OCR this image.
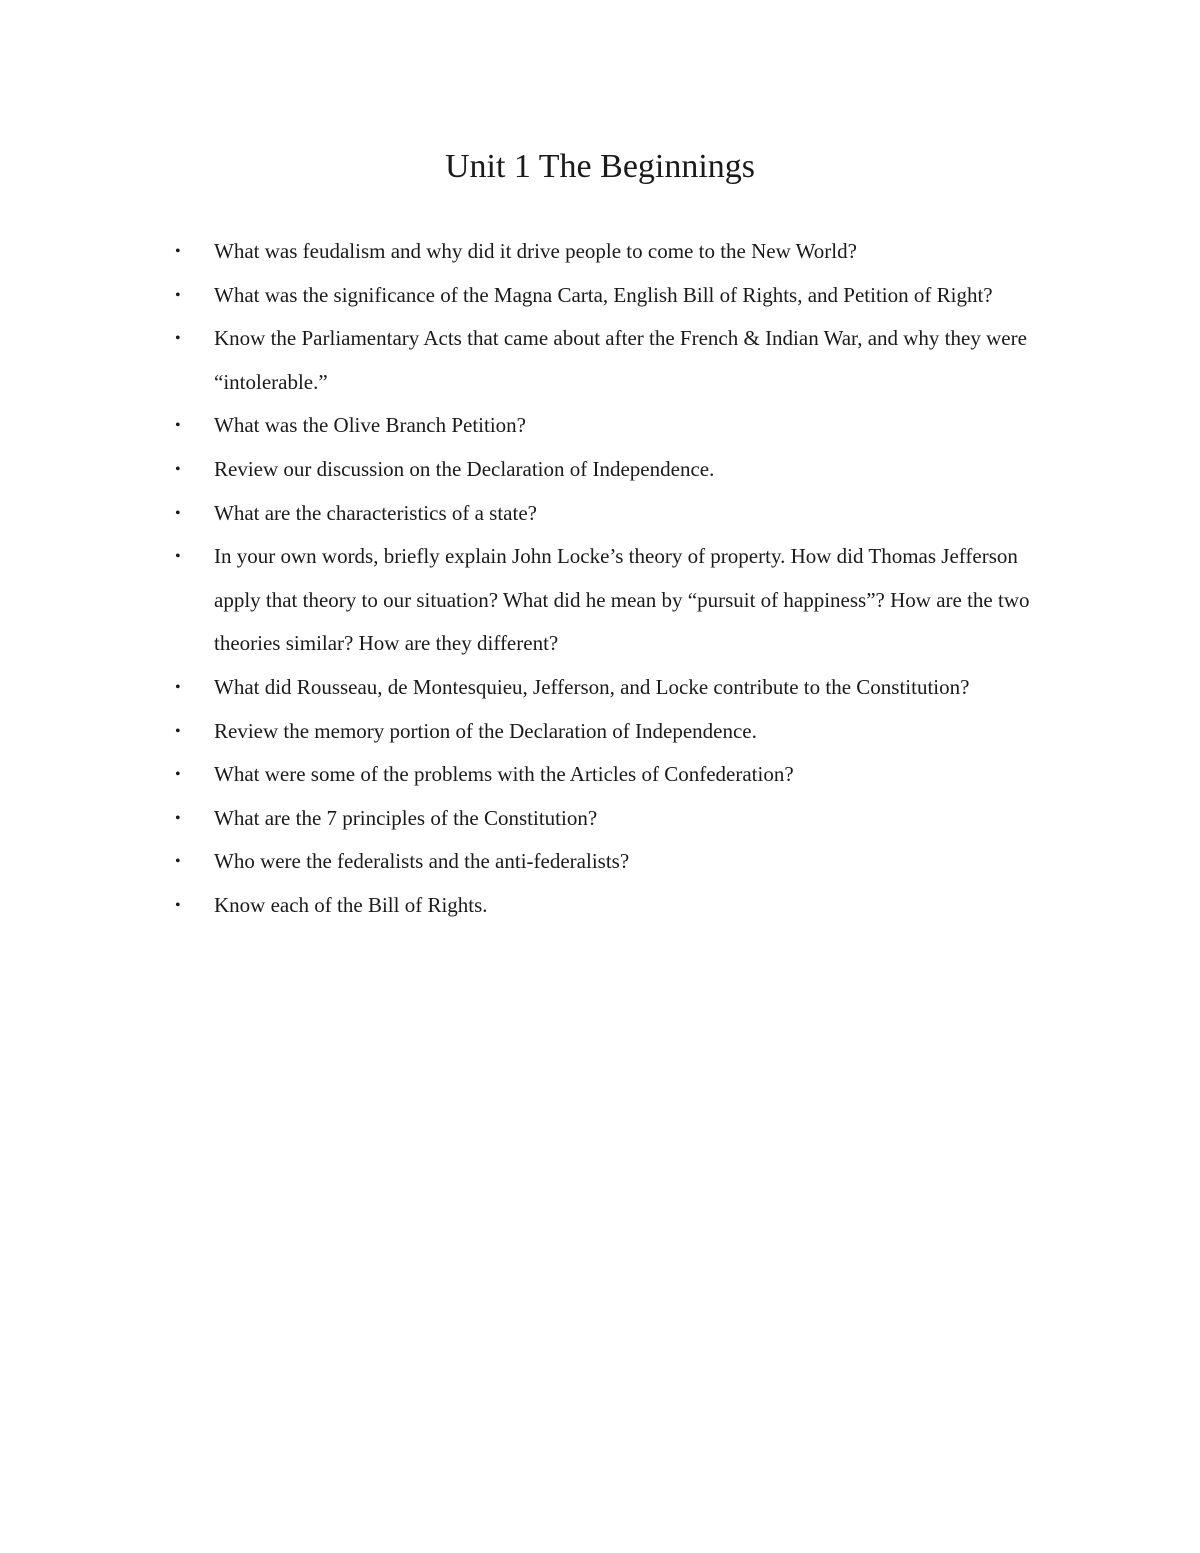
Unit 1 The Beginnings
• What was feudalism and why did it drive people to come to the New World?
• What was the significance of the Magna Carta, English Bill of Rights, and Petition of Right?
• Know the Parliamentary Acts that came about after the French & Indian War, and why they were “intolerable.”
• What was the Olive Branch Petition?
• Review our discussion on the Declaration of Independence.
• What are the characteristics of a state?
• In your own words, briefly explain John Locke’s theory of property. How did Thomas Jefferson apply that theory to our situation? What did he mean by “pursuit of happiness”? How are the two theories similar? How are they different?
• What did Rousseau, de Montesquieu, Jefferson, and Locke contribute to the Constitution?
• Review the memory portion of the Declaration of Independence.
• What were some of the problems with the Articles of Confederation?
• What are the 7 principles of the Constitution?
• Who were the federalists and the anti-federalists?
• Know each of the Bill of Rights.
